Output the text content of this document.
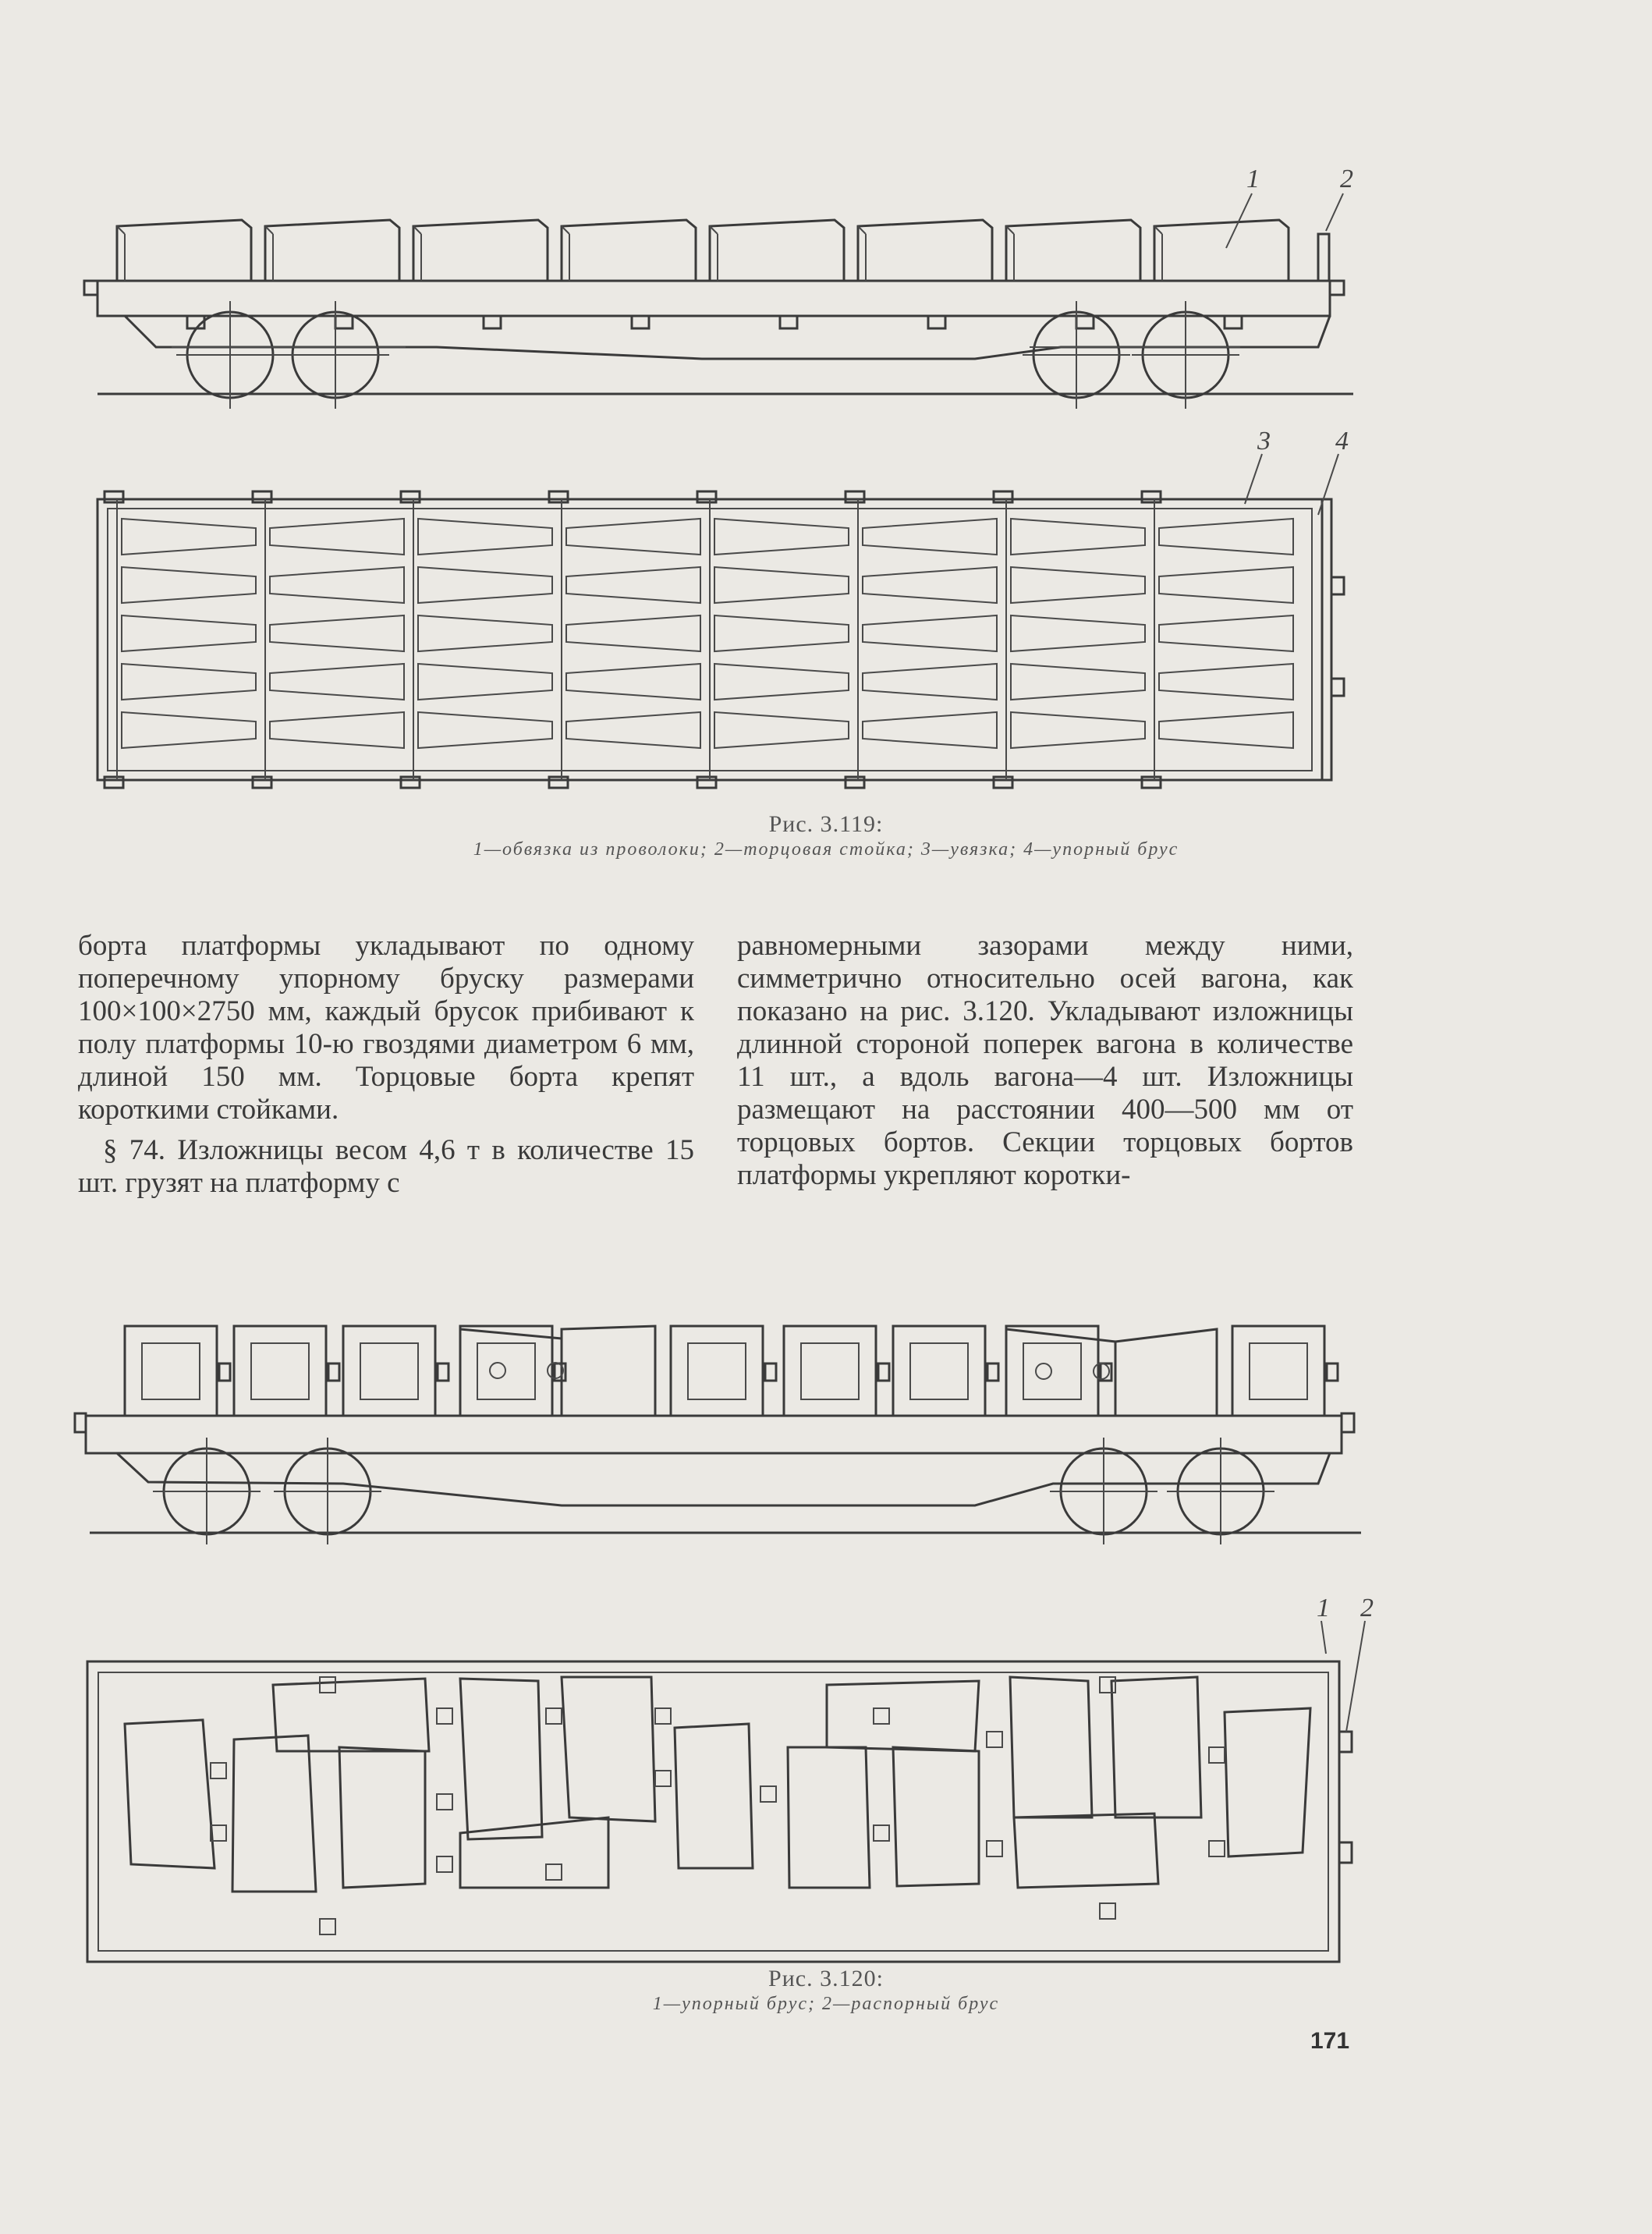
1	2
3 4
Рис. 3.119:
1—обвязка из проволоки; 2—торцовая стойка; 3—увязка; 4—упорный брус

борта платформы укладывают по одному поперечному упорному бруску размерами 100×100×2750 мм, каждый брусок прибивают к полу платформы 10-ю гвоздями диаметром 6 мм, длиной 150 мм. Торцовые борта крепят короткими стойками.

§ 74. Изложницы весом 4,6 т в количестве 15 шт. грузят на платформу с

равномерными зазорами между ними, симметрично относительно осей вагона, как показано на рис. 3.120. Укладывают изложницы длинной стороной поперек вагона в количестве 11 шт., а вдоль вагона—4 шт. Изложницы размещают на расстоянии 400—500 мм от торцовых бортов. Секции торцовых бортов платформы укрепляют коротки-

1 2
Рис. 3.120:
1—упорный брус; 2—распорный брус
171
